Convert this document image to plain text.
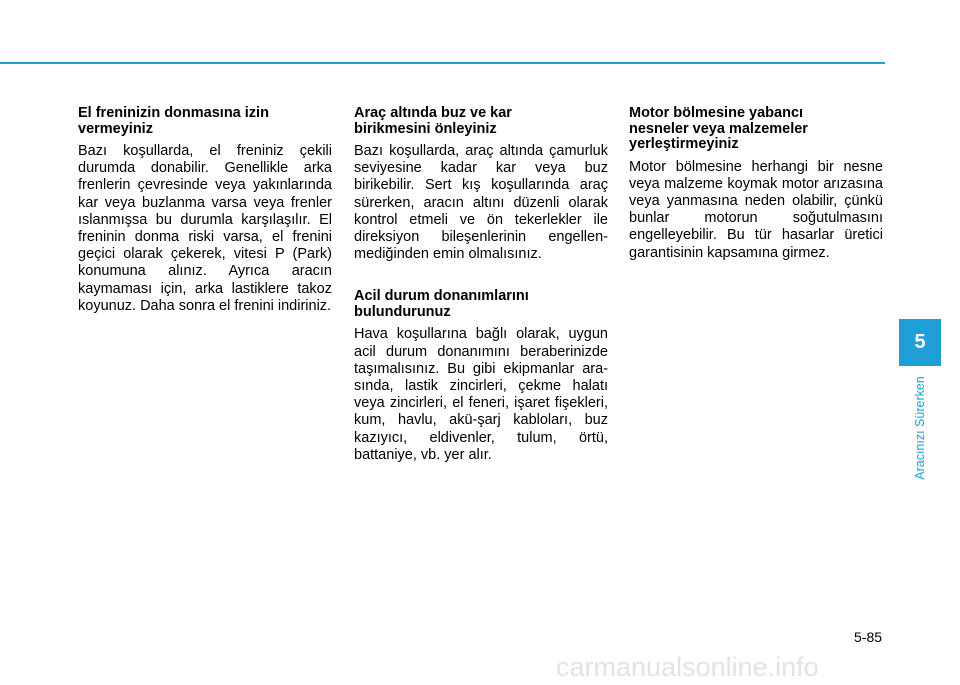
El freninizin donmasına izin
vermeyiniz

Bazı koşullarda, el freniniz çekili durumda donabilir. Genellikle arka frenlerin çevresinde veya yakınlarında kar veya buzlanma varsa veya frenler ıslanmışsa bu durumla karşılaşılır. El freninin donma riski varsa, el frenini geçici olarak çekerek, vitesi P (Park) konumuna alınız. Ayrıca aracın kaymaması için, arka lastiklere takoz koyunuz. Daha sonra el frenini indiriniz.

Araç altında buz ve kar
birikmesini önleyiniz

Bazı koşullarda, araç altında çamurluk seviyesine kadar kar veya buz birikebilir. Sert kış koşullarında araç sürerken, aracın altını düzenli olarak kontrol etmeli ve ön tekerlekler ile direksiyon bileşenlerinin engellenmediğinden emin olmalısınız.

Acil durum donanımlarını
bulundurunuz

Hava koşullarına bağlı olarak, uygun acil durum donanımını beraberinizde taşımalısınız. Bu gibi ekipmanlar arasında, lastik zincirleri, çekme halatı veya zincirleri, el feneri, işaret fişekleri, kum, havlu, akü-şarj kabloları, buz kazıyıcı, eldivenler, tulum, örtü, battaniye, vb. yer alır.

Motor bölmesine yabancı
nesneler veya malzemeler
yerleştirmeyiniz

Motor bölmesine herhangi bir nesne veya malzeme koymak motor arızasına veya yanmasına neden olabilir, çünkü bunlar motorun soğutulmasını engelleyebilir. Bu tür hasarlar üretici garantisinin kapsamına girmez.

5
Aracınızı Sürerken
5-85
carmanualsonline.info
